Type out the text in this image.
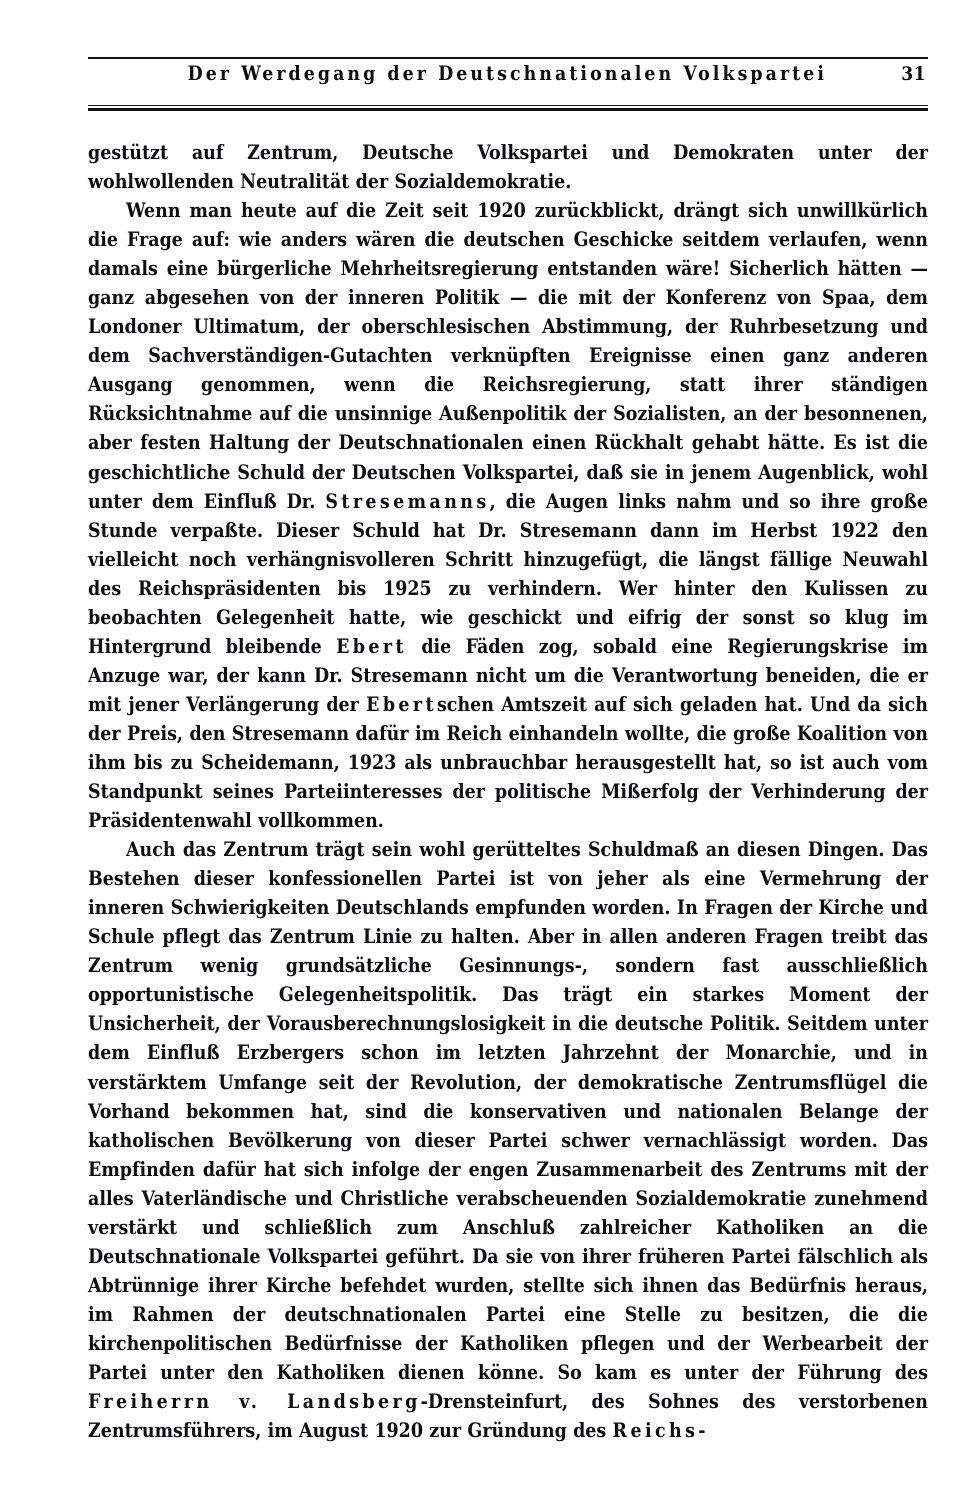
Der Werdegang der Deutschnationalen Volkspartei	31

gestützt auf Zentrum, Deutsche Volkspartei und Demokraten unter der wohlwollenden Neutralität der Sozialdemokratie.

Wenn man heute auf die Zeit seit 1920 zurückblickt, drängt sich unwillkürlich die Frage auf: wie anders wären die deutschen Geschicke seitdem verlaufen, wenn damals eine bürgerliche Mehrheitsregierung entstanden wäre! Sicherlich hätten — ganz abgesehen von der inneren Politik — die mit der Konferenz von Spaa, dem Londoner Ultimatum, der oberschlesischen Abstimmung, der Ruhrbesetzung und dem Sachverständigen-Gutachten verknüpften Ereignisse einen ganz anderen Ausgang genommen, wenn die Reichsregierung, statt ihrer ständigen Rücksichtnahme auf die unsinnige Außenpolitik der Sozialisten, an der besonnenen, aber festen Haltung der Deutschnationalen einen Rückhalt gehabt hätte. Es ist die geschichtliche Schuld der Deutschen Volkspartei, daß sie in jenem Augenblick, wohl unter dem Einfluß Dr. Stresemanns, die Augen links nahm und so ihre große Stunde verpaßte. Dieser Schuld hat Dr. Stresemann dann im Herbst 1922 den vielleicht noch verhängnisvolleren Schritt hinzugefügt, die längst fällige Neuwahl des Reichspräsidenten bis 1925 zu verhindern. Wer hinter den Kulissen zu beobachten Gelegenheit hatte, wie geschickt und eifrig der sonst so klug im Hintergrund bleibende Ebert die Fäden zog, sobald eine Regierungskrise im Anzuge war, der kann Dr. Stresemann nicht um die Verantwortung beneiden, die er mit jener Verlängerung der Ebertschen Amtszeit auf sich geladen hat. Und da sich der Preis, den Stresemann dafür im Reich einhandeln wollte, die große Koalition von ihm bis zu Scheidemann, 1923 als unbrauchbar herausgestellt hat, so ist auch vom Standpunkt seines Parteiinteresses der politische Mißerfolg der Verhinderung der Präsidentenwahl vollkommen.

Auch das Zentrum trägt sein wohl gerütteltes Schuldmaß an diesen Dingen. Das Bestehen dieser konfessionellen Partei ist von jeher als eine Vermehrung der inneren Schwierigkeiten Deutschlands empfunden worden. In Fragen der Kirche und Schule pflegt das Zentrum Linie zu halten. Aber in allen anderen Fragen treibt das Zentrum wenig grundsätzliche Gesinnungs-, sondern fast ausschließlich opportunistische Gelegenheitspolitik. Das trägt ein starkes Moment der Unsicherheit, der Vorausberechnungslosigkeit in die deutsche Politik. Seitdem unter dem Einfluß Erzbergers schon im letzten Jahrzehnt der Monarchie, und in verstärktem Umfange seit der Revolution, der demokratische Zentrumsflügel die Vorhand bekommen hat, sind die konservativen und nationalen Belange der katholischen Bevölkerung von dieser Partei schwer vernachlässigt worden. Das Empfinden dafür hat sich infolge der engen Zusammenarbeit des Zentrums mit der alles Vaterländische und Christliche verabscheuenden Sozialdemokratie zunehmend verstärkt und schließlich zum Anschluß zahlreicher Katholiken an die Deutschnationale Volkspartei geführt. Da sie von ihrer früheren Partei fälschlich als Abtrünnige ihrer Kirche befehdet wurden, stellte sich ihnen das Bedürfnis heraus, im Rahmen der deutschnationalen Partei eine Stelle zu besitzen, die die kirchenpolitischen Bedürfnisse der Katholiken pflegen und der Werbearbeit der Partei unter den Katholiken dienen könne. So kam es unter der Führung des Freiherrn v. Landsberg-Drensteinfurt, des Sohnes des verstorbenen Zentrumsführers, im August 1920 zur Gründung des Reichs-
